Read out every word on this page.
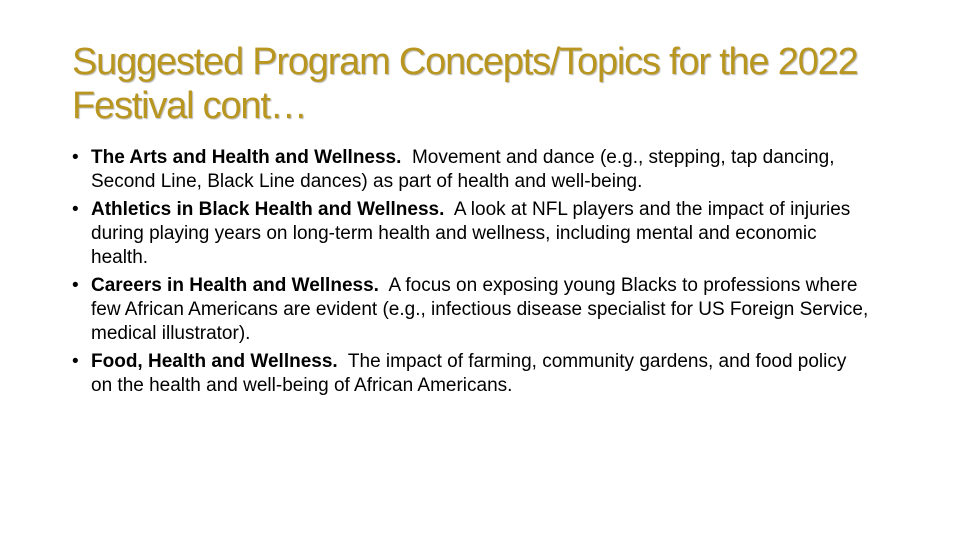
Suggested Program Concepts/Topics for the 2022 Festival cont…
• The Arts and Health and Wellness. Movement and dance (e.g., stepping, tap dancing, Second Line, Black Line dances) as part of health and well-being.
• Athletics in Black Health and Wellness. A look at NFL players and the impact of injuries during playing years on long-term health and wellness, including mental and economic health.
• Careers in Health and Wellness. A focus on exposing young Blacks to professions where few African Americans are evident (e.g., infectious disease specialist for US Foreign Service, medical illustrator).
• Food, Health and Wellness. The impact of farming, community gardens, and food policy on the health and well-being of African Americans.
